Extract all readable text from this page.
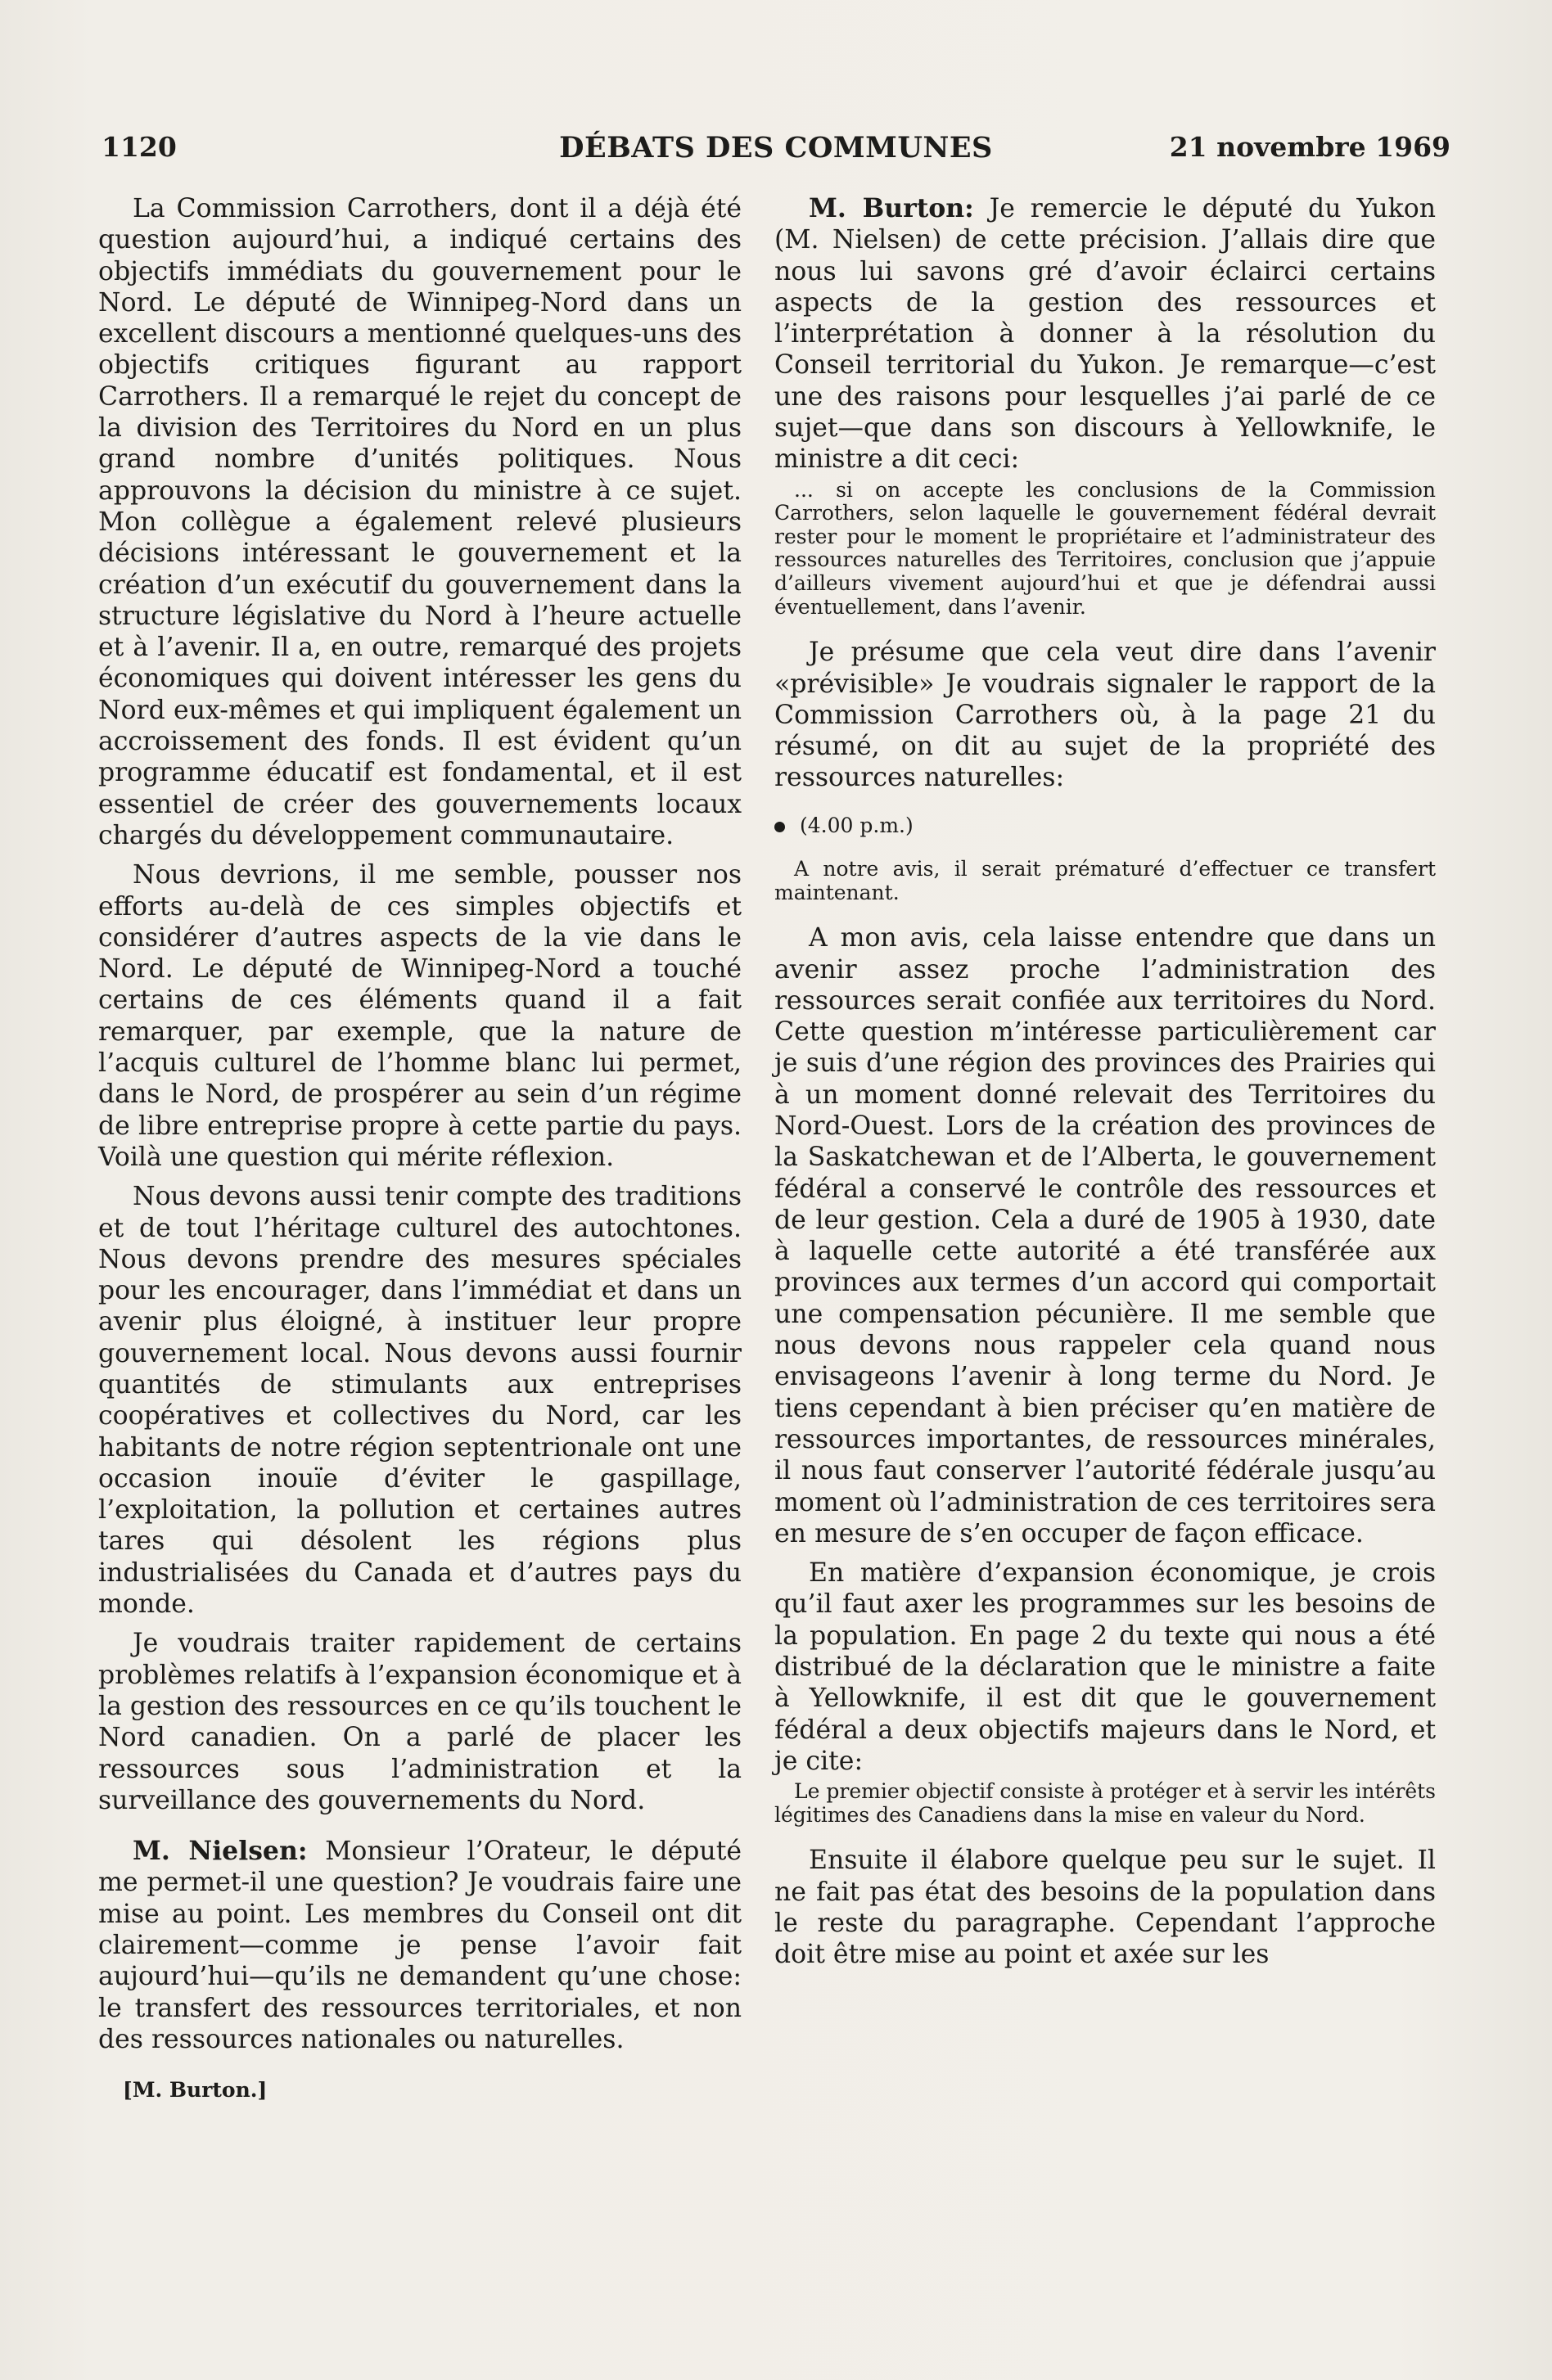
1120	DÉBATS DES COMMUNES	21 novembre 1969

La Commission Carrothers, dont il a déjà été question aujourd’hui, a indiqué certains des objectifs immédiats du gouvernement pour le Nord. Le député de Winnipeg-Nord dans un excellent discours a mentionné quelques-uns des objectifs critiques figurant au rapport Carrothers. Il a remarqué le rejet du concept de la division des Territoires du Nord en un plus grand nombre d’unités politiques. Nous approuvons la décision du ministre à ce sujet. Mon collègue a également relevé plusieurs décisions intéressant le gouvernement et la création d’un exécutif du gouvernement dans la structure législative du Nord à l’heure actuelle et à l’avenir. Il a, en outre, remarqué des projets économiques qui doivent intéresser les gens du Nord eux-mêmes et qui impliquent également un accroissement des fonds. Il est évident qu’un programme éducatif est fondamental, et il est essentiel de créer des gouvernements locaux chargés du développement communautaire.

Nous devrions, il me semble, pousser nos efforts au-delà de ces simples objectifs et considérer d’autres aspects de la vie dans le Nord. Le député de Winnipeg-Nord a touché certains de ces éléments quand il a fait remarquer, par exemple, que la nature de l’acquis culturel de l’homme blanc lui permet, dans le Nord, de prospérer au sein d’un régime de libre entreprise propre à cette partie du pays. Voilà une question qui mérite réflexion.

Nous devons aussi tenir compte des traditions et de tout l’héritage culturel des autochtones. Nous devons prendre des mesures spéciales pour les encourager, dans l’immédiat et dans un avenir plus éloigné, à instituer leur propre gouvernement local. Nous devons aussi fournir quantités de stimulants aux entreprises coopératives et collectives du Nord, car les habitants de notre région septentrionale ont une occasion inouïe d’éviter le gaspillage, l’exploitation, la pollution et certaines autres tares qui désolent les régions plus industrialisées du Canada et d’autres pays du monde.

Je voudrais traiter rapidement de certains problèmes relatifs à l’expansion économique et à la gestion des ressources en ce qu’ils touchent le Nord canadien. On a parlé de placer les ressources sous l’administration et la surveillance des gouvernements du Nord.

M. Nielsen: Monsieur l’Orateur, le député me permet-il une question? Je voudrais faire une mise au point. Les membres du Conseil ont dit clairement—comme je pense l’avoir fait aujourd’hui—qu’ils ne demandent qu’une chose: le transfert des ressources territoriales, et non des ressources nationales ou naturelles.

[M. Burton.]

M. Burton: Je remercie le député du Yukon (M. Nielsen) de cette précision. J’allais dire que nous lui savons gré d’avoir éclairci certains aspects de la gestion des ressources et l’interprétation à donner à la résolution du Conseil territorial du Yukon. Je remarque—c’est une des raisons pour lesquelles j’ai parlé de ce sujet—que dans son discours à Yellowknife, le ministre a dit ceci:

... si on accepte les conclusions de la Commission Carrothers, selon laquelle le gouvernement fédéral devrait rester pour le moment le propriétaire et l’administrateur des ressources naturelles des Territoires, conclusion que j’appuie d’ailleurs vivement aujourd’hui et que je défendrai aussi éventuellement, dans l’avenir.

Je présume que cela veut dire dans l’avenir «prévisible» Je voudrais signaler le rapport de la Commission Carrothers où, à la page 21 du résumé, on dit au sujet de la propriété des ressources naturelles:

(4.00 p.m.)
A notre avis, il serait prématuré d’effectuer ce transfert maintenant.

A mon avis, cela laisse entendre que dans un avenir assez proche l’administration des ressources serait confiée aux territoires du Nord. Cette question m’intéresse particulièrement car je suis d’une région des provinces des Prairies qui à un moment donné relevait des Territoires du Nord-Ouest. Lors de la création des provinces de la Saskatchewan et de l’Alberta, le gouvernement fédéral a conservé le contrôle des ressources et de leur gestion. Cela a duré de 1905 à 1930, date à laquelle cette autorité a été transférée aux provinces aux termes d’un accord qui comportait une compensation pécunière. Il me semble que nous devons nous rappeler cela quand nous envisageons l’avenir à long terme du Nord. Je tiens cependant à bien préciser qu’en matière de ressources importantes, de ressources minérales, il nous faut conserver l’autorité fédérale jusqu’au moment où l’administration de ces territoires sera en mesure de s’en occuper de façon efficace.

En matière d’expansion économique, je crois qu’il faut axer les programmes sur les besoins de la population. En page 2 du texte qui nous a été distribué de la déclaration que le ministre a faite à Yellowknife, il est dit que le gouvernement fédéral a deux objectifs majeurs dans le Nord, et je cite:

Le premier objectif consiste à protéger et à servir les intérêts légitimes des Canadiens dans la mise en valeur du Nord.

Ensuite il élabore quelque peu sur le sujet. Il ne fait pas état des besoins de la population dans le reste du paragraphe. Cependant l’approche doit être mise au point et axée sur les
